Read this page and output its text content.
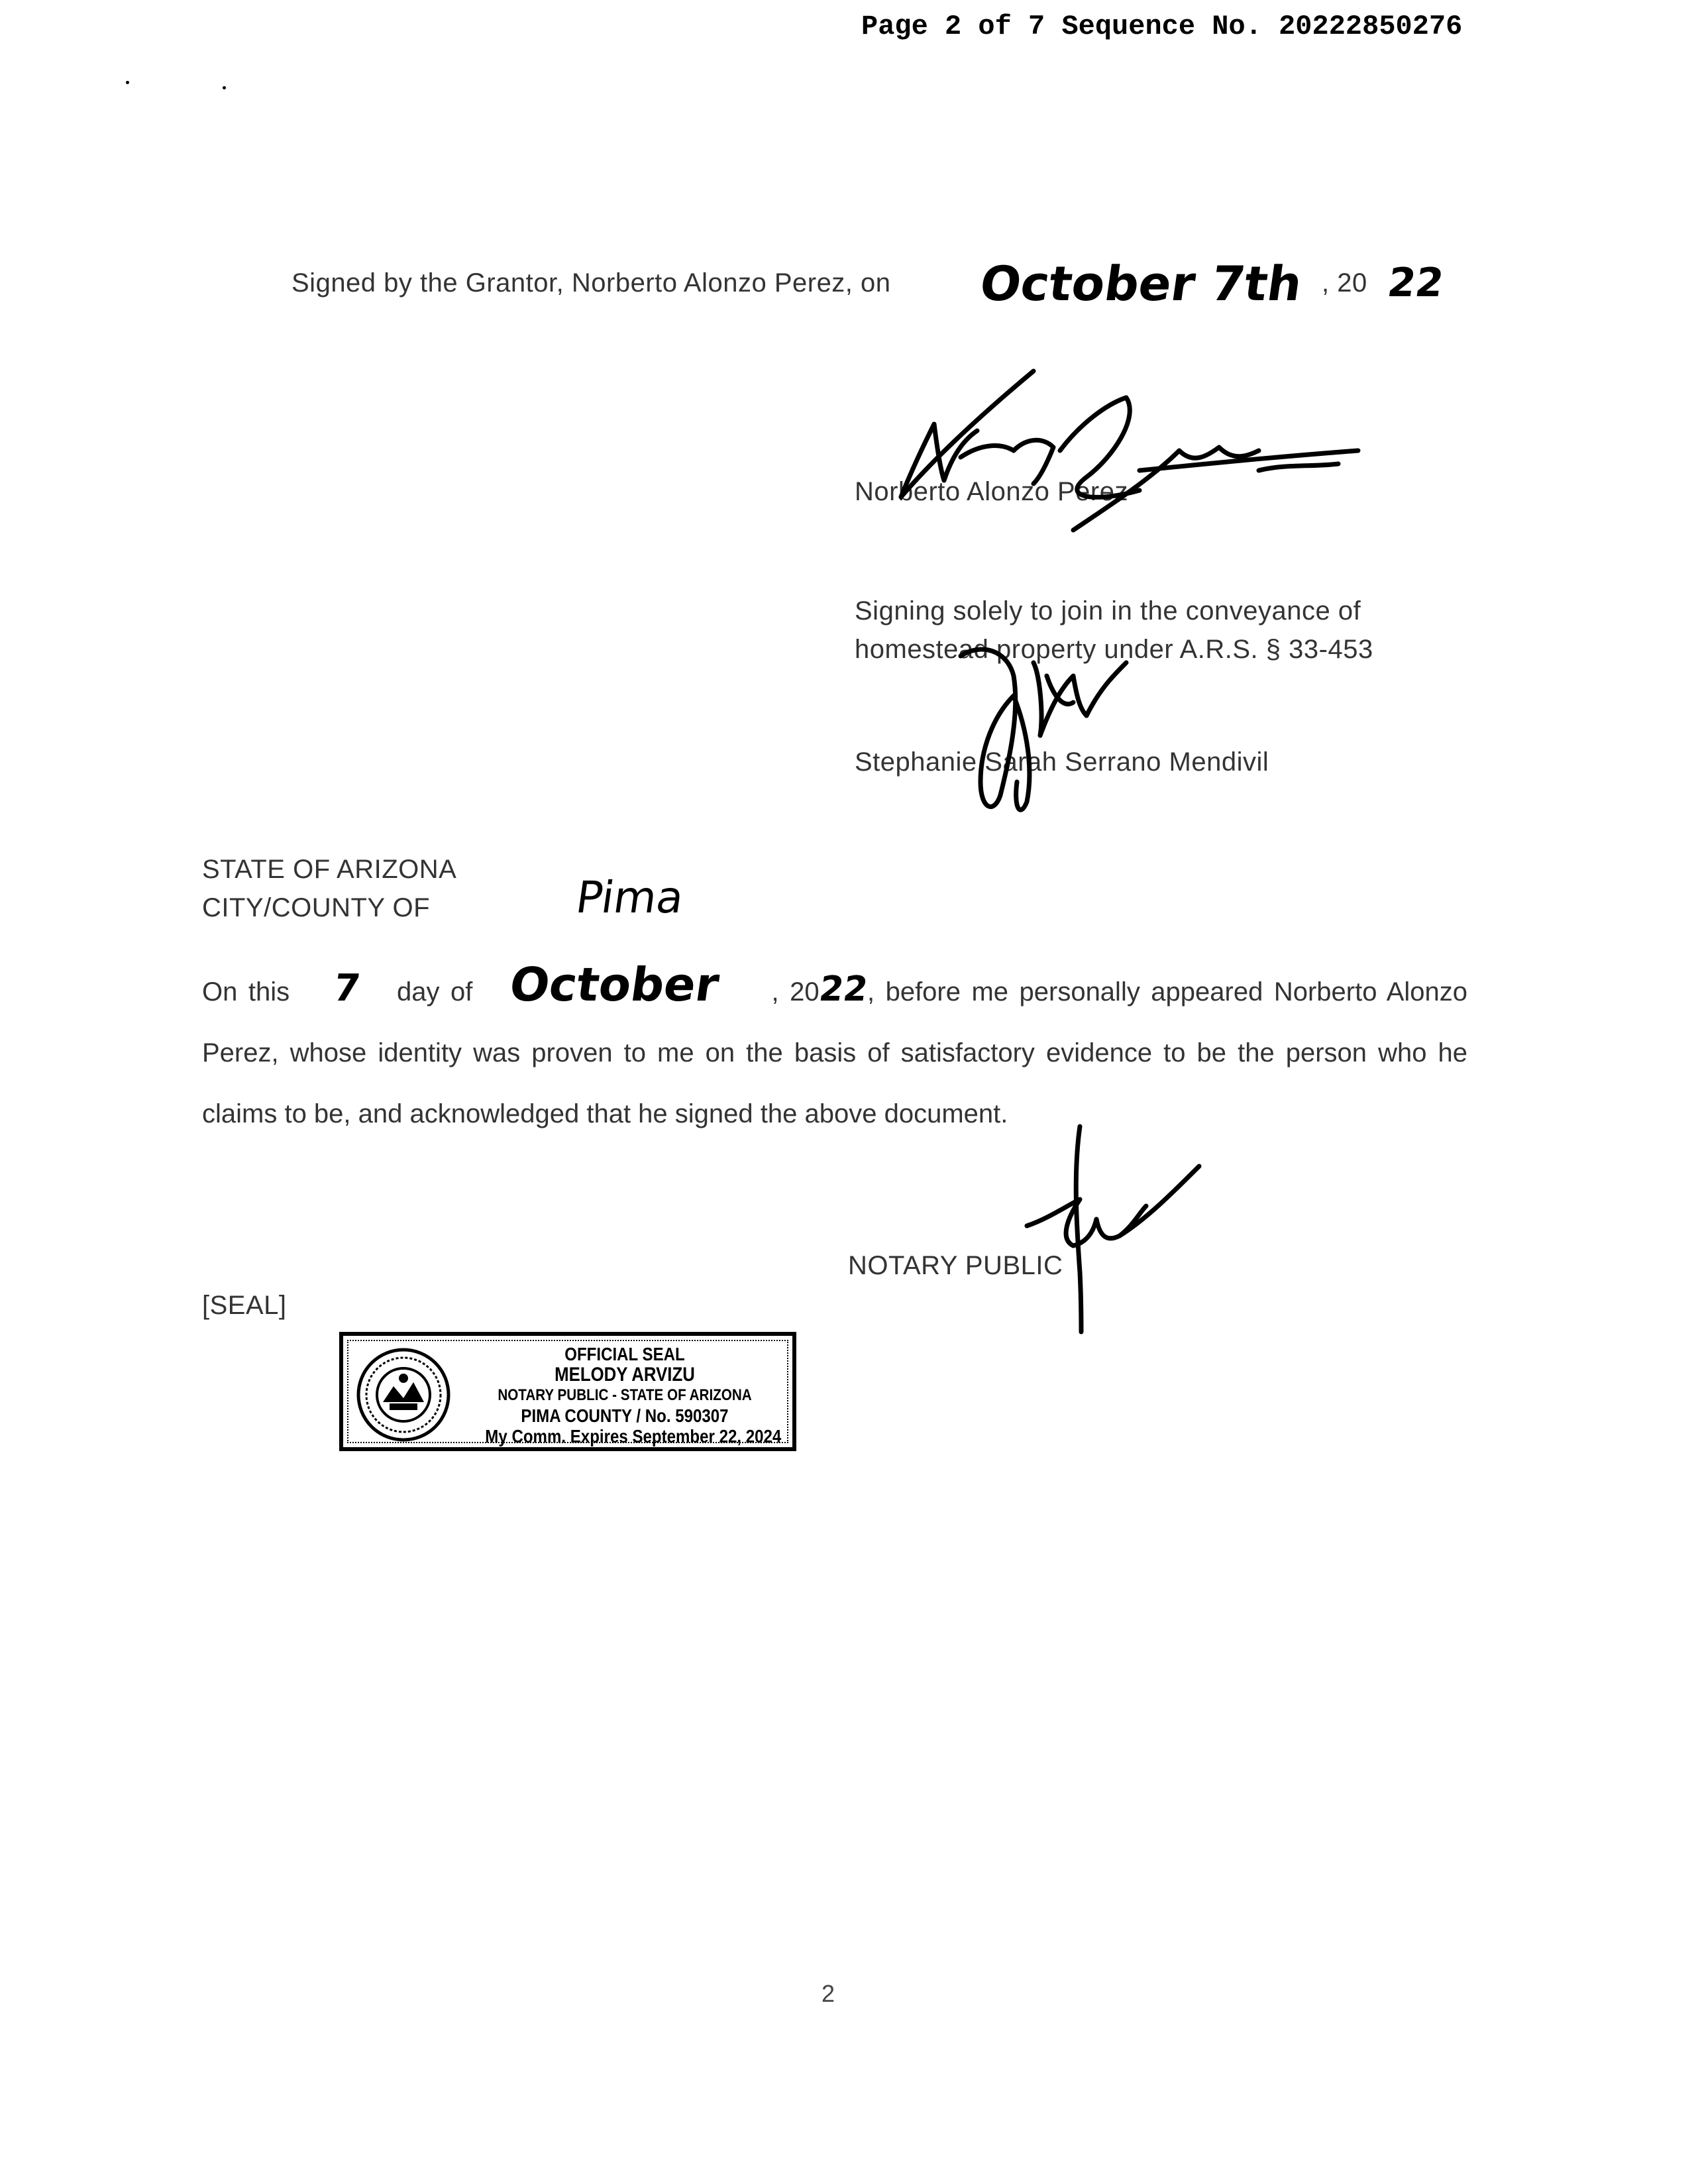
Page 2 of 7 Sequence No. 20222850276
Signed by the Grantor, Norberto Alonzo Perez, on October 7th , 20 22
Norberto Alonzo Perez
Signing solely to join in the conveyance of
homestead property under A.R.S. § 33-453
Stephanie Sarah Serrano Mendivil
STATE OF ARIZONA
CITY/COUNTY OF	Pima
On this 7 day of October , 2022, before me personally appeared Norberto Alonzo Perez, whose identity was proven to me on the basis of satisfactory evidence to be the person who he claims to be, and acknowledged that he signed the above document.
NOTARY PUBLIC
[SEAL]
OFFICIAL SEAL
MELODY ARVIZU
NOTARY PUBLIC - STATE OF ARIZONA
PIMA COUNTY / No. 590307
My Comm. Expires September 22, 2024
2
